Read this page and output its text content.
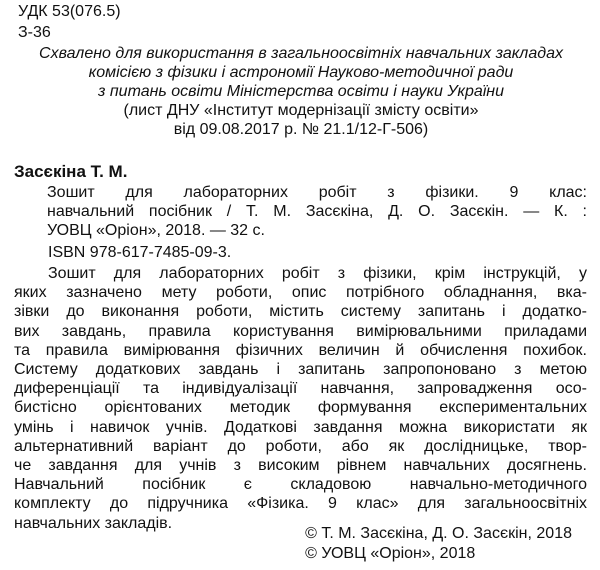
УДК 53(076.5)
З-36
Схвалено для використання в загальноосвітніх навчальних закладах
комісією з фізики і астрономії Науково-методичної ради
з питань освіти Міністерства освіти і науки України
(лист ДНУ «Інститут модернізації змісту освіти»
від 09.08.2017 р. № 21.1/12-Г-506)
Засєкіна Т. М.
Зошит для лабораторних робіт з фізики. 9 клас:
навчальний посібник / Т. М. Засєкіна, Д. О. Засєкін. — К. :
УОВЦ «Оріон», 2018. — 32 с.
ISBN 978-617-7485-09-3.
Зошит для лабораторних робіт з фізики, крім інструкцій, у
яких зазначено мету роботи, опис потрібного обладнання, вка-
зівки до виконання роботи, містить систему запитань і додатко-
вих завдань, правила користування вимірювальними приладами
та правила вимірювання фізичних величин й обчислення похибок.
Систему додаткових завдань і запитань запропоновано з метою
диференціації та індивідуалізації навчання, запровадження осо-
бистісно орієнтованих методик формування експериментальних
умінь і навичок учнів. Додаткові завдання можна використати як
альтернативний варіант до роботи, або як дослідницьке, твор-
че завдання для учнів з високим рівнем навчальних досягнень.
Навчальний посібник є складовою навчально-методичного
комплекту до підручника «Фізика. 9 клас» для загальноосвітніх
навчальних закладів.
© Т. М. Засєкіна, Д. О. Засєкін, 2018
© УОВЦ «Оріон», 2018
